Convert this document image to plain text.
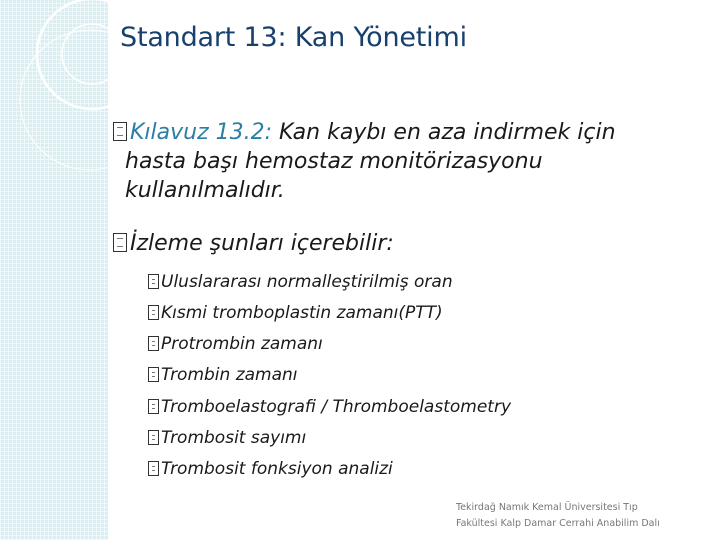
Standart 13: Kan Yönetimi
Kılavuz 13.2: Kan kaybı en aza indirmek için
hasta başı hemostaz monitörizasyonu
kullanılmalıdır.
İzleme şunları içerebilir:
Uluslararası normalleştirilmiş oran
Kısmi tromboplastin zamanı(PTT)
Protrombin zamanı
Trombin zamanı
Tromboelastografi / Thromboelastometry
Trombosit sayımı
Trombosit fonksiyon analizi
Tekirdağ Namık Kemal Üniversitesi Tıp
Fakültesi Kalp Damar Cerrahi Anabilim Dalı
